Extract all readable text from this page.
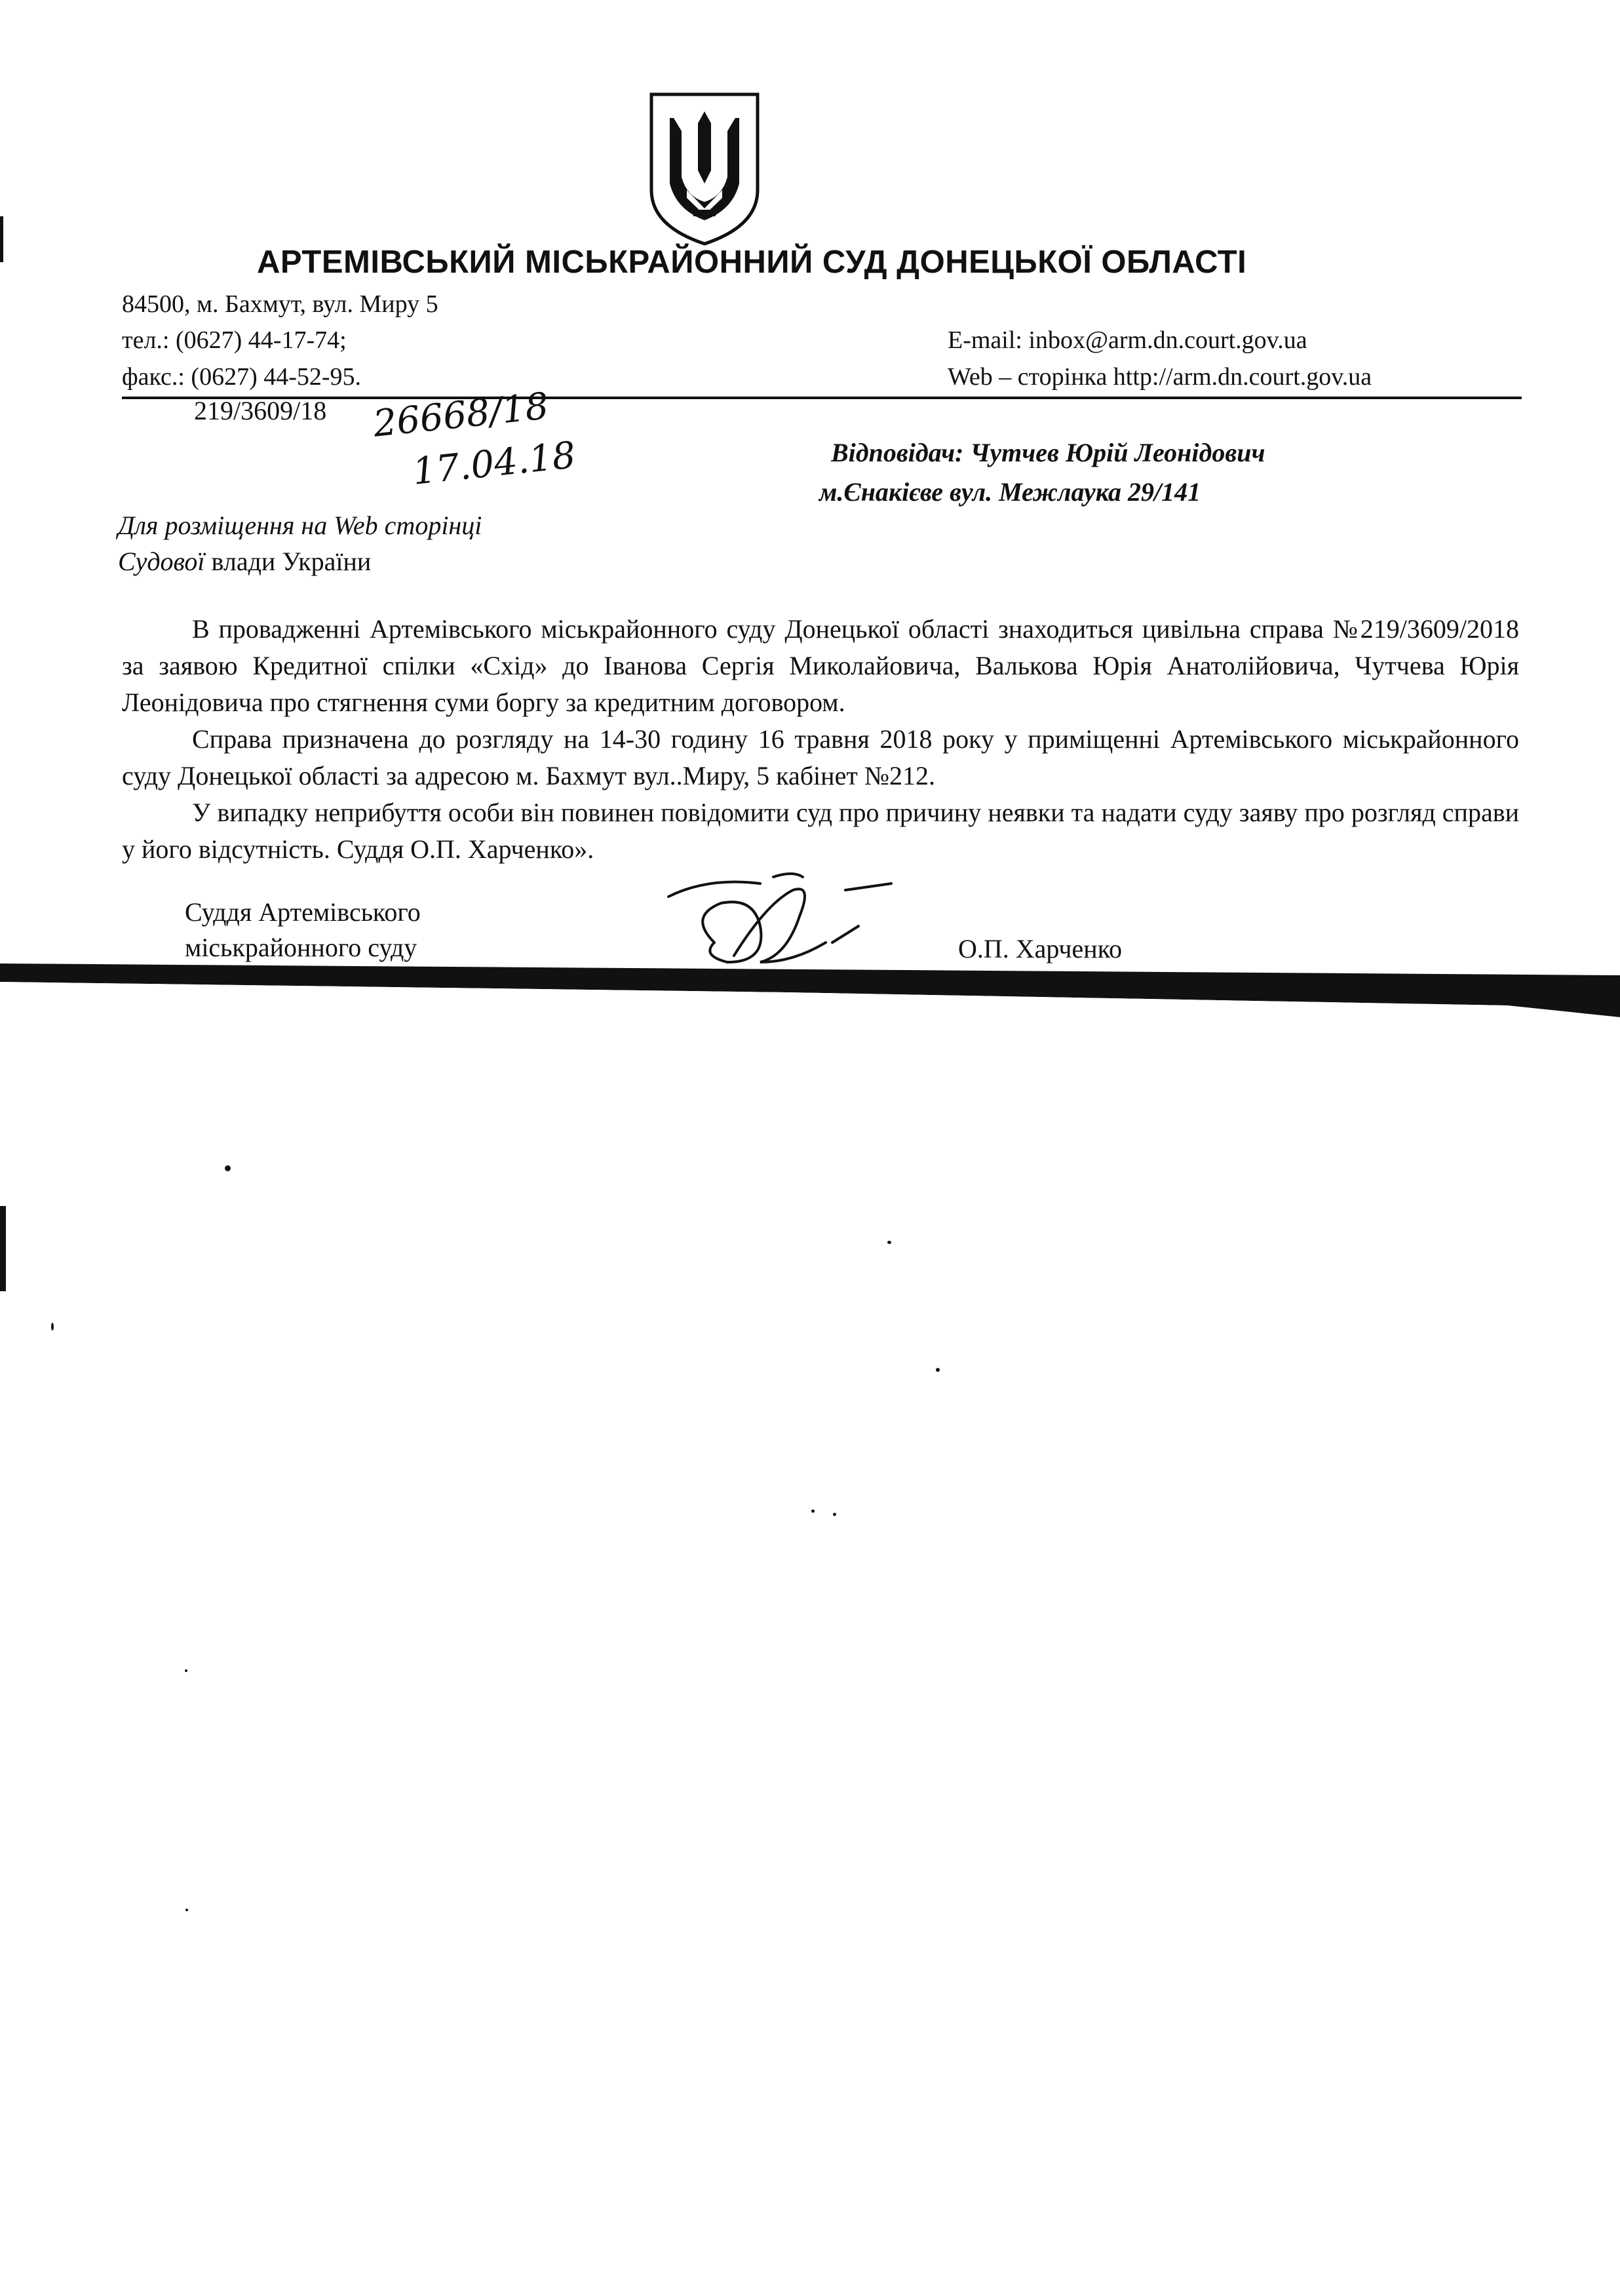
АРТЕМІВСЬКИЙ МІСЬКРАЙОННИЙ СУД ДОНЕЦЬКОЇ ОБЛАСТІ
84500, м. Бахмут, вул. Миру 5
тел.: (0627) 44-17-74;
факс.: (0627) 44-52-95.
E-mail: inbox@arm.dn.court.gov.ua
Web – сторінка http://arm.dn.court.gov.ua
219/3609/18 26668/18
17.04.18	Відповідач: Чутчев Юрій Леонідович
м.Єнакієве вул. Межлаука 29/141
Для розміщення на Web сторінці
Судової влади України

В провадженні Артемівського міськрайонного суду Донецької області знаходиться цивільна справа №219/3609/2018 за заявою Кредитної спілки «Схід» до Іванова Сергія Миколайовича, Валькова Юрія Анатолійовича, Чутчева Юрія Леонідовича про стягнення суми боргу за кредитним договором.

Справа призначена до розгляду на 14-30 годину 16 травня 2018 року у приміщенні Артемівського міськрайонного суду Донецької області за адресою м. Бахмут вул..Миру, 5 кабінет №212.

У випадку неприбуття особи він повинен повідомити суд про причину неявки та надати суду заяву про розгляд справи у його відсутність. Суддя О.П. Харченко».

Суддя Артемівського
міськрайонного суду	О.П. Харченко
